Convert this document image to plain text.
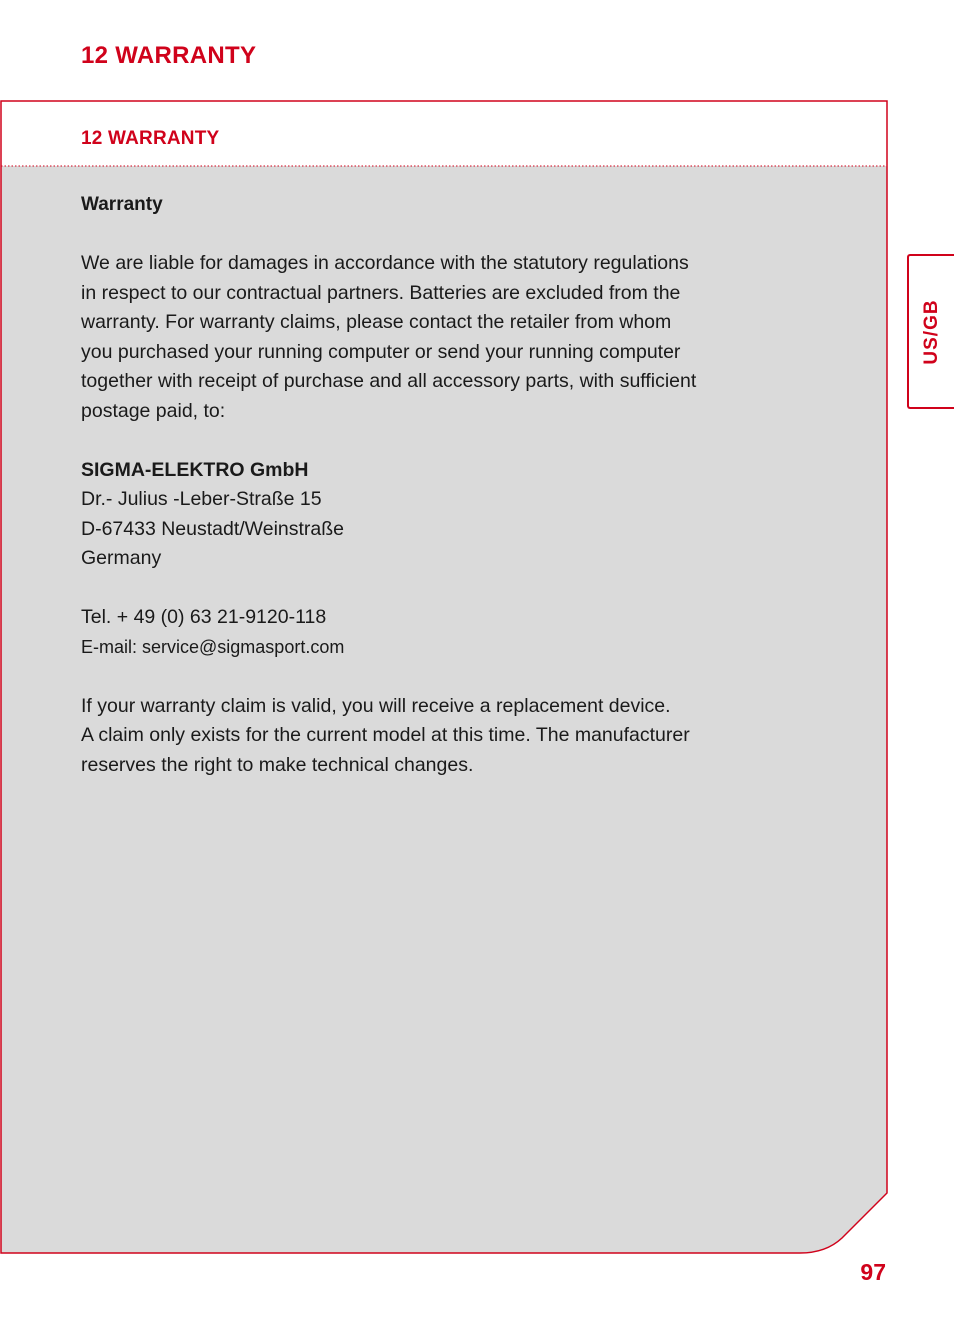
12 WARRANTY
12 WARRANTY

Warranty

We are liable for damages in accordance with the statutory regulations

in respect to our contractual partners. Batteries are excluded from the

warranty. For warranty claims, please contact the retailer from whom

you purchased your running computer or send your running computer

together with receipt of purchase and all accessory parts, with sufficient

postage paid, to:

SIGMA-ELEKTRO GmbH

Dr.- Julius -Leber-Straße 15

D-67433 Neustadt/Weinstraße

Germany

Tel. + 49 (0) 63 21-9120-118

E-mail: service@sigmasport.com

If your warranty claim is valid, you will receive a replacement device.

A claim only exists for the current model at this time. The manufacturer

reserves the right to make technical changes.

US/GB
97
